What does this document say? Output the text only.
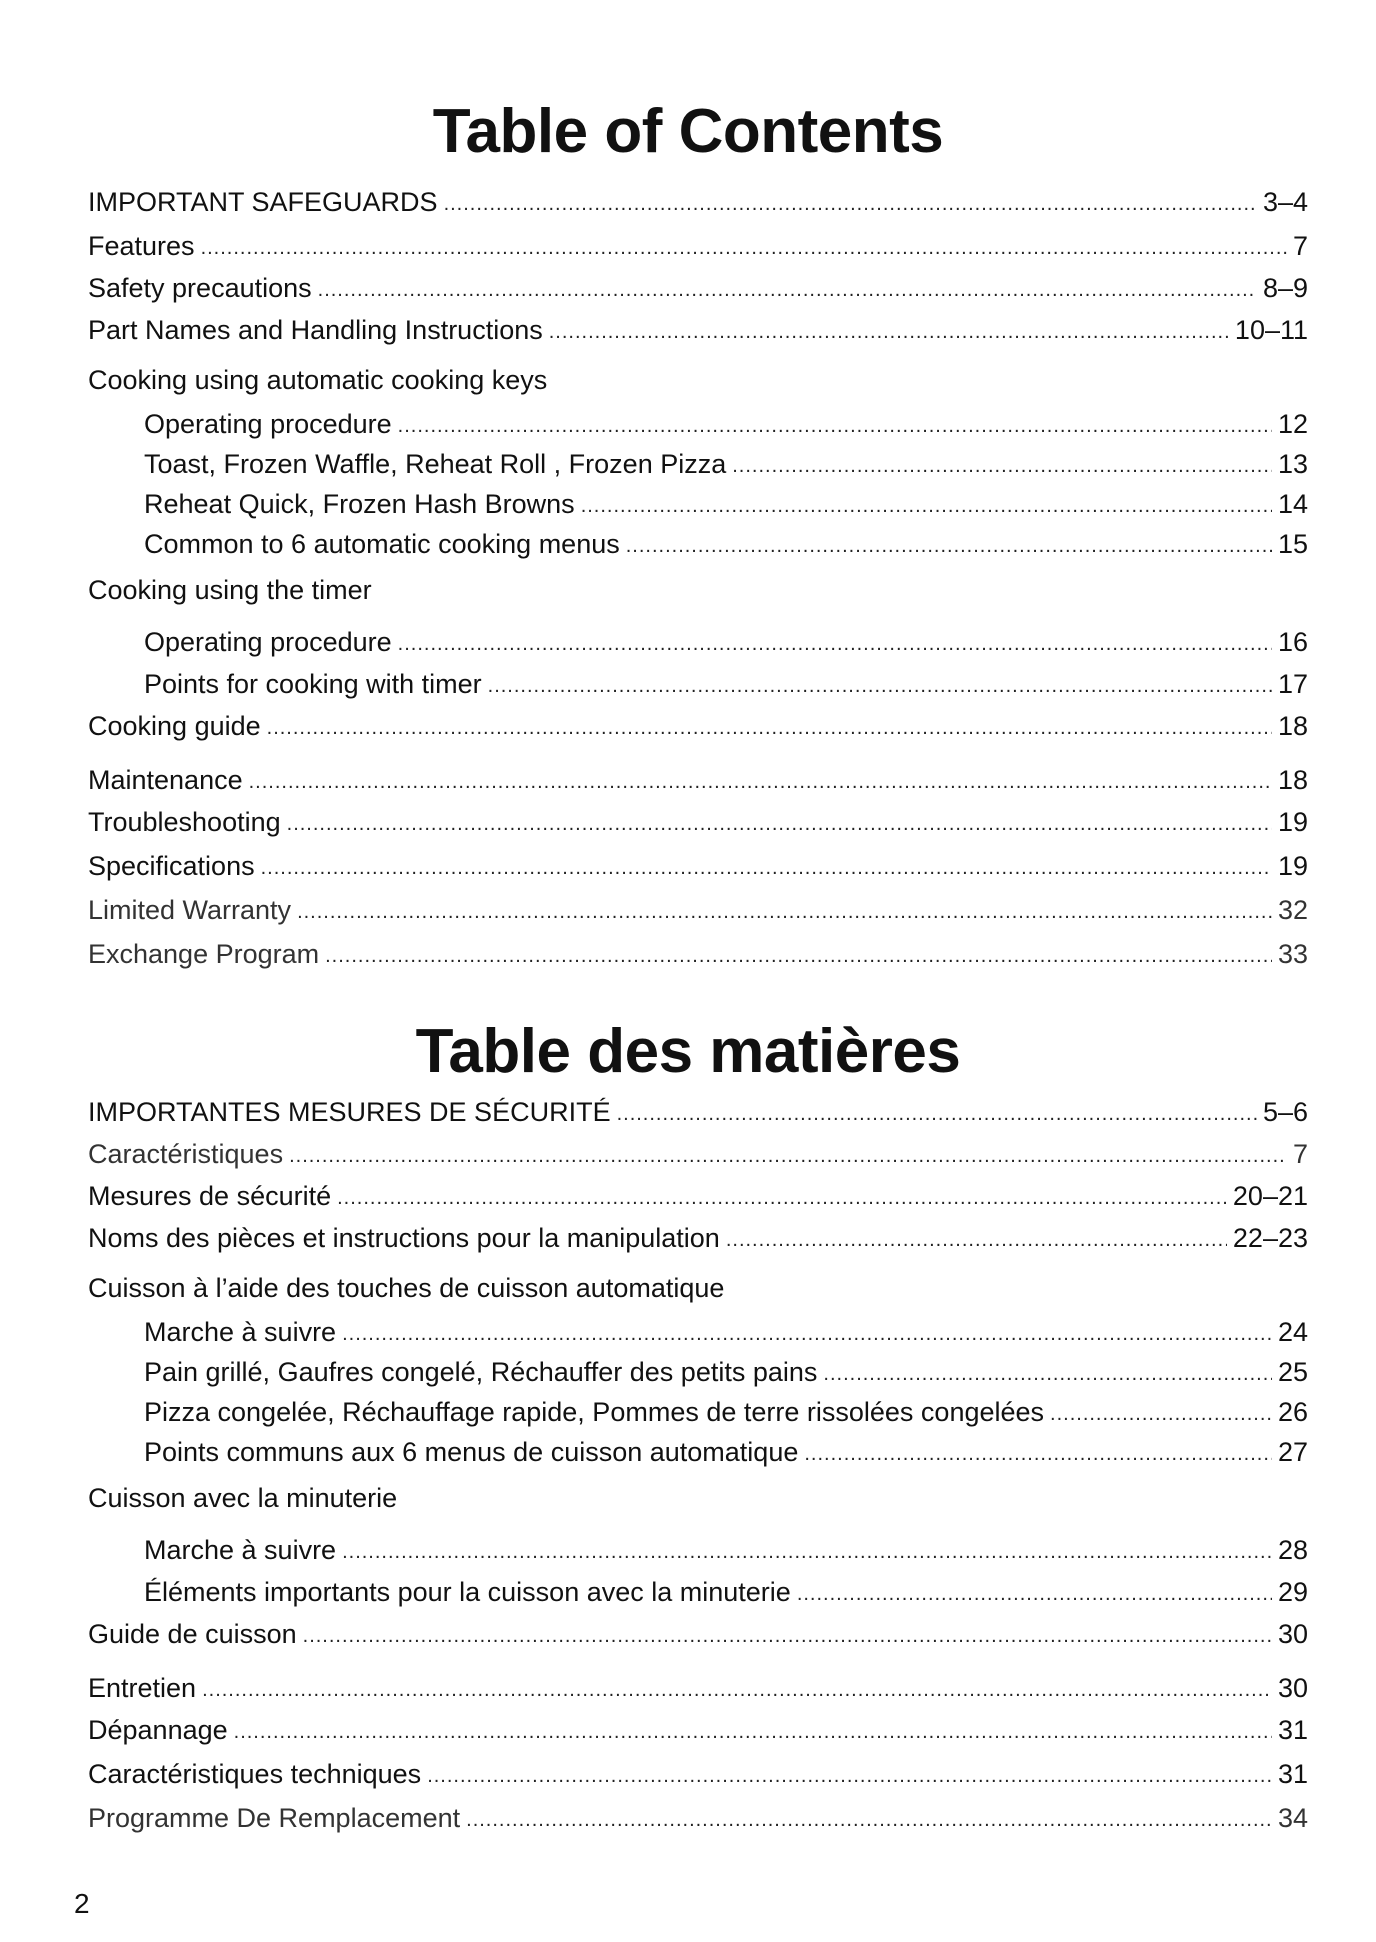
Table of Contents
IMPORTANT SAFEGUARDS .....	3–4
Features .....	7
Safety precautions .....	8–9
Part Names and Handling Instructions .....	10–11
Cooking using automatic cooking keys
Operating procedure .....	12
Toast, Frozen Waffle, Reheat Roll , Frozen Pizza .....	13
Reheat Quick, Frozen Hash Browns .....	14
Common to 6 automatic cooking menus .....	15
Cooking using the timer
Operating procedure .....	16
Points for cooking with timer .....	17
Cooking guide .....	18
Maintenance .....	18
Troubleshooting .....	19
Specifications .....	19
Limited Warranty .....	32
Exchange Program .....	33
Table des matières
IMPORTANTES MESURES DE SÉCURITÉ .....	5–6
Caractéristiques .....	7
Mesures de sécurité .....	20–21
Noms des pièces et instructions pour la manipulation .....	22–23
Cuisson à l’aide des touches de cuisson automatique
Marche à suivre .....	24
Pain grillé, Gaufres congelé, Réchauffer des petits pains .....	25
Pizza congelée, Réchauffage rapide, Pommes de terre rissolées congelées .....	26
Points communs aux 6 menus de cuisson automatique .....	27
Cuisson avec la minuterie
Marche à suivre .....	28
Éléments importants pour la cuisson avec la minuterie .....	29
Guide de cuisson .....	30
Entretien .....	30
Dépannage .....	31
Caractéristiques techniques .....	31
Programme De Remplacement .....	34
2
